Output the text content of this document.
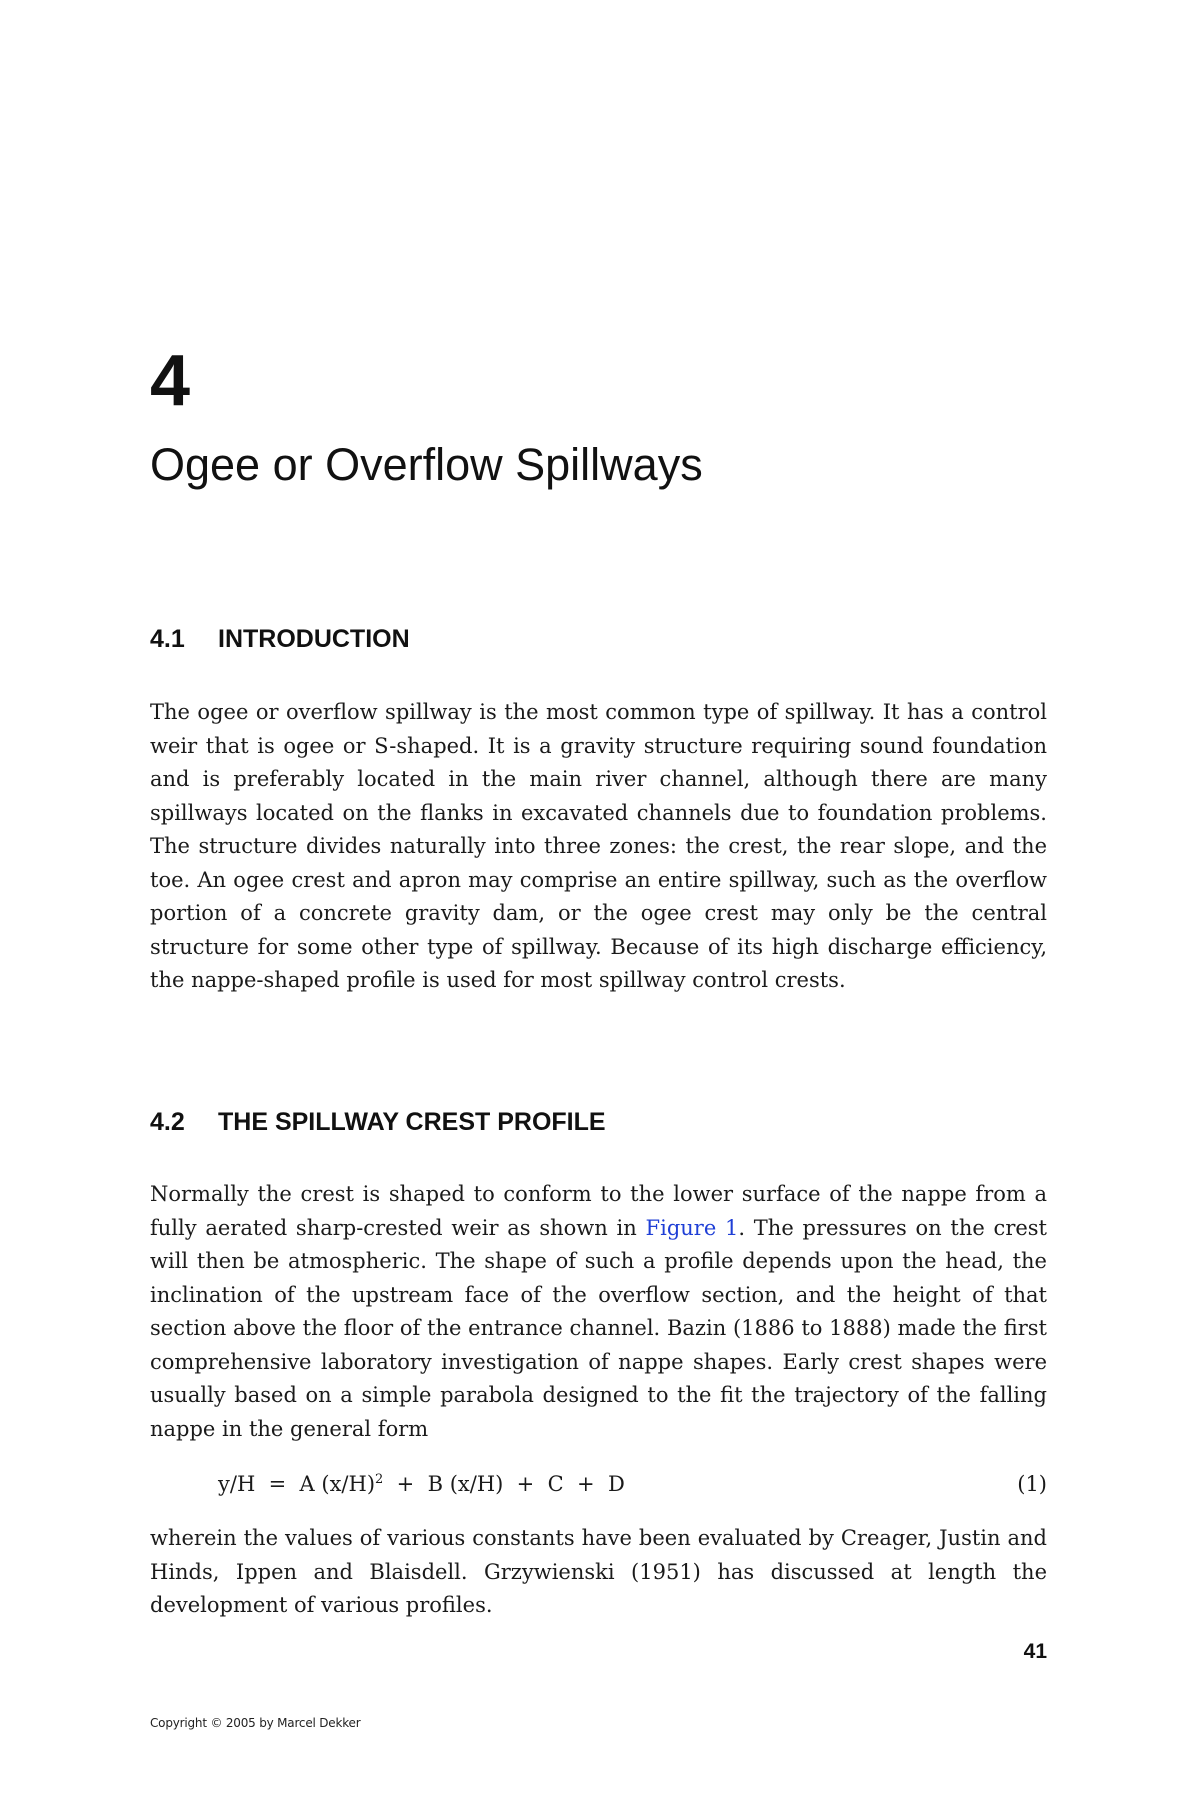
4
Ogee or Overflow Spillways
4.1 INTRODUCTION

The ogee or overflow spillway is the most common type of spillway. It has a control weir that is ogee or S-shaped. It is a gravity structure requiring sound foundation and is preferably located in the main river channel, although there are many spillways located on the flanks in excavated channels due to foundation problems. The structure divides naturally into three zones: the crest, the rear slope, and the toe. An ogee crest and apron may comprise an entire spillway, such as the overflow portion of a concrete gravity dam, or the ogee crest may only be the central structure for some other type of spillway. Because of its high discharge efficiency, the nappe-shaped profile is used for most spillway control crests.

4.2 THE SPILLWAY CREST PROFILE

Normally the crest is shaped to conform to the lower surface of the nappe from a fully aerated sharp-crested weir as shown in Figure 1. The pressures on the crest will then be atmospheric. The shape of such a profile depends upon the head, the inclination of the upstream face of the overflow section, and the height of that section above the floor of the entrance channel. Bazin (1886 to 1888) made the first comprehensive laboratory investigation of nappe shapes. Early crest shapes were usually based on a simple parabola designed to the fit the trajectory of the falling nappe in the general form

y/H  =  A $(x/H)^2 + B$ (x/H)  +  C  +  D	(1)

wherein the values of various constants have been evaluated by Creager, Justin and Hinds, Ippen and Blaisdell. Grzywienski (1951) has discussed at length the development of various profiles.

41
Copyright © 2005 by Marcel Dekker
